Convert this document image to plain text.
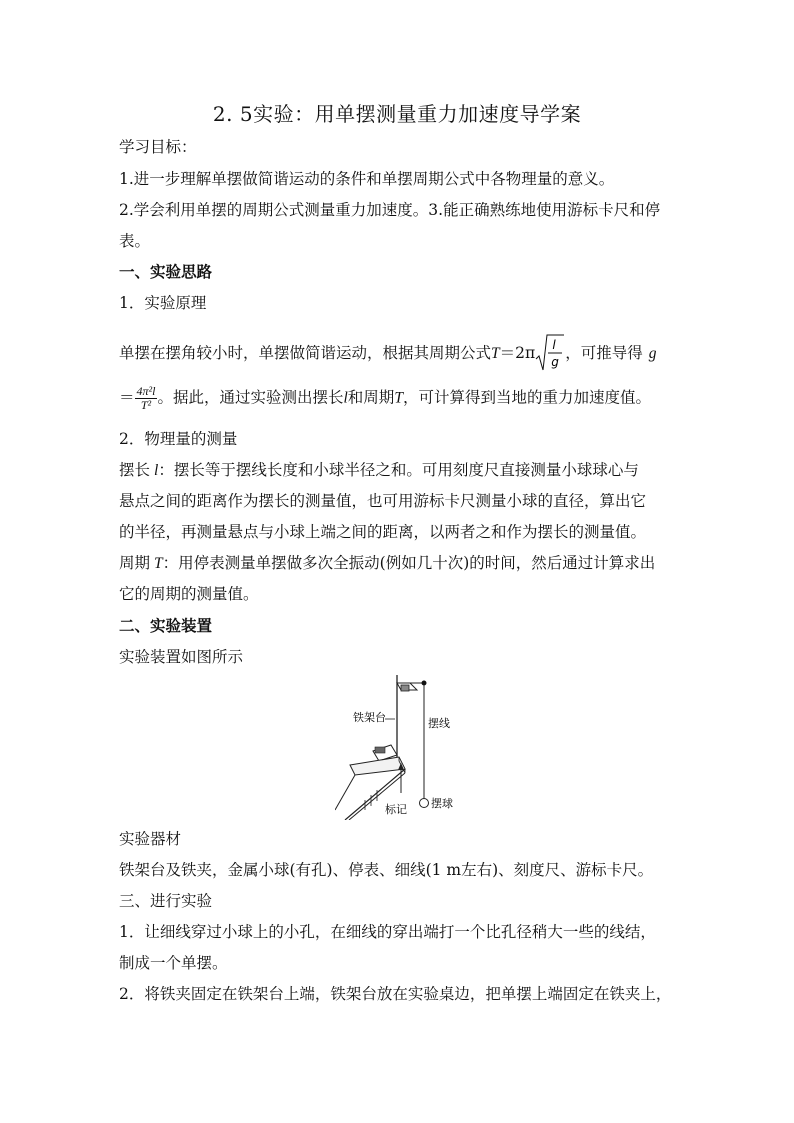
2. 5实验：用单摆测量重力加速度导学案
学习目标：
1.进一步理解单摆做简谐运动的条件和单摆周期公式中各物理量的意义。
2.学会利用单摆的周期公式测量重力加速度。3.能正确熟练地使用游标卡尺和停
表。
一、实验思路
1．实验原理
单摆在摆角较小时，单摆做简谐运动，根据其周期公式T＝2π l
g ，可推导得 g
＝ $\frac{\text{4π²l}}{\text{T²}}$ 。据此，通过实验测出摆长l和周期T，可计算得到当地的重力加速度值。
2．物理量的测量
摆长 l：摆长等于摆线长度和小球半径之和。可用刻度尺直接测量小球球心与
悬点之间的距离作为摆长的测量值，也可用游标卡尺测量小球的直径，算出它
的半径，再测量悬点与小球上端之间的距离，以两者之和作为摆长的测量值。
周期 T：用停表测量单摆做多次全振动(例如几十次)的时间，然后通过计算求出
它的周期的测量值。
二、实验装置
实验装置如图所示
铁架台	摆线
标记 摆球
实验器材
铁架台及铁夹，金属小球(有孔)、停表、细线(1 m左右)、刻度尺、游标卡尺。
三、进行实验
1．让细线穿过小球上的小孔，在细线的穿出端打一个比孔径稍大一些的线结，
制成一个单摆。
2．将铁夹固定在铁架台上端，铁架台放在实验桌边，把单摆上端固定在铁夹上，
